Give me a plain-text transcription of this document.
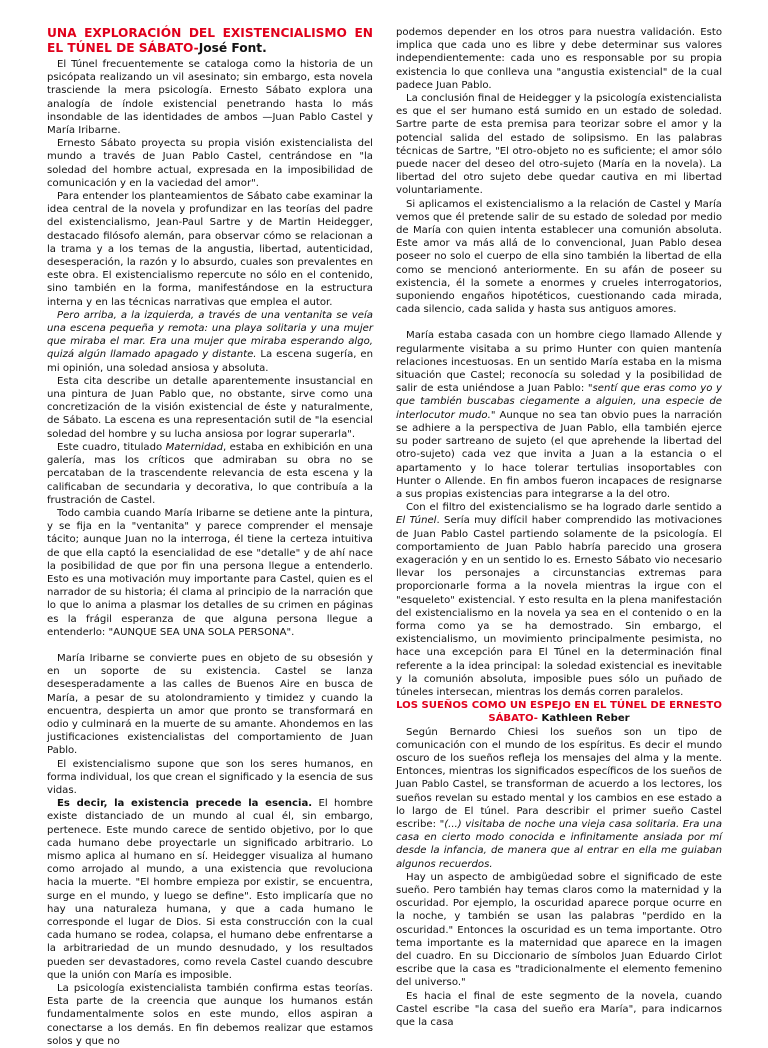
UNA EXPLORACIÓN DEL EXISTENCIALISMO EN EL TÚNEL DE SÁBATO-José Font.

El Túnel frecuentemente se cataloga como la historia de un psicópata realizando un vil asesinato; sin embargo, esta novela trasciende la mera psicología. Ernesto Sábato explora una analogía de índole existencial penetrando hasta lo más insondable de las identidades de ambos —Juan Pablo Castel y María Iribarne.

Ernesto Sábato proyecta su propia visión existencialista del mundo a través de Juan Pablo Castel, centrándose en "la soledad del hombre actual, expresada en la imposibilidad de comunicación y en la vaciedad del amor".

Para entender los planteamientos de Sábato cabe examinar la idea central de la novela y profundizar en las teorías del padre del existencialismo, Jean-Paul Sartre y de Martin Heidegger, destacado filósofo alemán, para observar cómo se relacionan a la trama y a los temas de la angustia, libertad, autenticidad, desesperación, la razón y lo absurdo, cuales son prevalentes en este obra. El existencialismo repercute no sólo en el contenido, sino también en la forma, manifestándose en la estructura interna y en las técnicas narrativas que emplea el autor.

Pero arriba, a la izquierda, a través de una ventanita se veía una escena pequeña y remota: una playa solitaria y una mujer que miraba el mar. Era una mujer que miraba esperando algo, quizá algún llamado apagado y distante. La escena sugería, en mi opinión, una soledad ansiosa y absoluta.

Esta cita describe un detalle aparentemente insustancial en una pintura de Juan Pablo que, no obstante, sirve como una concretización de la visión existencial de éste y naturalmente, de Sábato. La escena es una representación sutil de "la esencial soledad del hombre y su lucha ansiosa por lograr superarla".

Este cuadro, titulado Maternidad, estaba en exhibición en una galería, mas los críticos que admiraban su obra no se percataban de la trascendente relevancia de esta escena y la calificaban de secundaria y decorativa, lo que contribuía a la frustración de Castel.

Todo cambia cuando María Iribarne se detiene ante la pintura, y se fija en la "ventanita" y parece comprender el mensaje tácito; aunque Juan no la interroga, él tiene la certeza intuitiva de que ella captó la esencialidad de ese "detalle" y de ahí nace la posibilidad de que por fin una persona llegue a entenderlo. Esto es una motivación muy importante para Castel, quien es el narrador de su historia; él clama al principio de la narración que lo que lo anima a plasmar los detalles de su crimen en páginas es la frágil esperanza de que alguna persona llegue a entenderlo: "AUNQUE SEA UNA SOLA PERSONA".

María Iribarne se convierte pues en objeto de su obsesión y en un soporte de su existencia. Castel se lanza desesperadamente a las calles de Buenos Aire en busca de María, a pesar de su atolondramiento y timidez y cuando la encuentra, despierta un amor que pronto se transformará en odio y culminará en la muerte de su amante. Ahondemos en las justificaciones existencialistas del comportamiento de Juan Pablo.

El existencialismo supone que son los seres humanos, en forma individual, los que crean el significado y la esencia de sus vidas.

Es decir, la existencia precede la esencia. El hombre existe distanciado de un mundo al cual él, sin embargo, pertenece. Este mundo carece de sentido objetivo, por lo que cada humano debe proyectarle un significado arbitrario. Lo mismo aplica al humano en sí. Heidegger visualiza al humano como arrojado al mundo, a una existencia que revoluciona hacia la muerte. "El hombre empieza por existir, se encuentra, surge en el mundo, y luego se define". Esto implicaría que no hay una naturaleza humana, y que a cada humano le corresponde el lugar de Dios. Si esta construcción con la cual cada humano se rodea, colapsa, el humano debe enfrentarse a la arbitrariedad de un mundo desnudado, y los resultados pueden ser devastadores, como revela Castel cuando descubre que la unión con María es imposible.

La psicología existencialista también confirma estas teorías. Esta parte de la creencia que aunque los humanos están fundamentalmente solos en este mundo, ellos aspiran a conectarse a los demás. En fin debemos realizar que estamos solos y que no

podemos depender en los otros para nuestra validación. Esto implica que cada uno es libre y debe determinar sus valores independientemente: cada uno es responsable por su propia existencia lo que conlleva una "angustia existencial" de la cual padece Juan Pablo.

La conclusión final de Heidegger y la psicología existencialista es que el ser humano está sumido en un estado de soledad. Sartre parte de esta premisa para teorizar sobre el amor y la potencial salida del estado de solipsismo. En las palabras técnicas de Sartre, "El otro-objeto no es suficiente; el amor sólo puede nacer del deseo del otro-sujeto (María en la novela). La libertad del otro sujeto debe quedar cautiva en mi libertad voluntariamente.

Si aplicamos el existencialismo a la relación de Castel y María vemos que él pretende salir de su estado de soledad por medio de María con quien intenta establecer una comunión absoluta. Este amor va más allá de lo convencional, Juan Pablo desea poseer no solo el cuerpo de ella sino también la libertad de ella como se mencionó anteriormente. En su afán de poseer su existencia, él la somete a enormes y crueles interrogatorios, suponiendo engaños hipotéticos, cuestionando cada mirada, cada silencio, cada salida y hasta sus antiguos amores.

María estaba casada con un hombre ciego llamado Allende y regularmente visitaba a su primo Hunter con quien mantenía relaciones incestuosas. En un sentido María estaba en la misma situación que Castel; reconocía su soledad y la posibilidad de salir de esta uniéndose a Juan Pablo: "sentí que eras como yo y que también buscabas ciegamente a alguien, una especie de interlocutor mudo." Aunque no sea tan obvio pues la narración se adhiere a la perspectiva de Juan Pablo, ella también ejerce su poder sartreano de sujeto (el que aprehende la libertad del otro-sujeto) cada vez que invita a Juan a la estancia o el apartamento y lo hace tolerar tertulias insoportables con Hunter o Allende. En fin ambos fueron incapaces de resignarse a sus propias existencias para integrarse a la del otro.

Con el filtro del existencialismo se ha logrado darle sentido a El Túnel. Sería muy difícil haber comprendido las motivaciones de Juan Pablo Castel partiendo solamente de la psicología. El comportamiento de Juan Pablo habría parecido una grosera exageración y en un sentido lo es. Ernesto Sábato vio necesario llevar los personajes a circunstancias extremas para proporcionarle forma a la novela mientras la irgue con el "esqueleto" existencial. Y esto resulta en la plena manifestación del existencialismo en la novela ya sea en el contenido o en la forma como ya se ha demostrado. Sin embargo, el existencialismo, un movimiento principalmente pesimista, no hace una excepción para El Túnel en la determinación final referente a la idea principal: la soledad existencial es inevitable y la comunión absoluta, imposible pues sólo un puñado de túneles intersecan, mientras los demás corren paralelos.

LOS SUEÑOS COMO UN ESPEJO EN EL TÚNEL DE ERNESTO SÁBATO- Kathleen Reber

Según Bernardo Chiesi los sueños son un tipo de comunicación con el mundo de los espíritus. Es decir el mundo oscuro de los sueños refleja los mensajes del alma y la mente. Entonces, mientras los significados específicos de los sueños de Juan Pablo Castel, se transforman de acuerdo a los lectores, los sueños revelan su estado mental y los cambios en ese estado a lo largo de El túnel. Para describir el primer sueño Castel escribe: "(...) visitaba de noche una vieja casa solitaria. Era una casa en cierto modo conocida e infinitamente ansiada por mí desde la infancia, de manera que al entrar en ella me guiaban algunos recuerdos.

Hay un aspecto de ambigüedad sobre el significado de este sueño. Pero también hay temas claros como la maternidad y la oscuridad. Por ejemplo, la oscuridad aparece porque ocurre en la noche, y también se usan las palabras "perdido en la oscuridad." Entonces la oscuridad es un tema importante. Otro tema importante es la maternidad que aparece en la imagen del cuadro. En su Diccionario de símbolos Juan Eduardo Cirlot escribe que la casa es "tradicionalmente el elemento femenino del universo."

Es hacia el final de este segmento de la novela, cuando Castel escribe "la casa del sueño era María", para indicarnos que la casa
